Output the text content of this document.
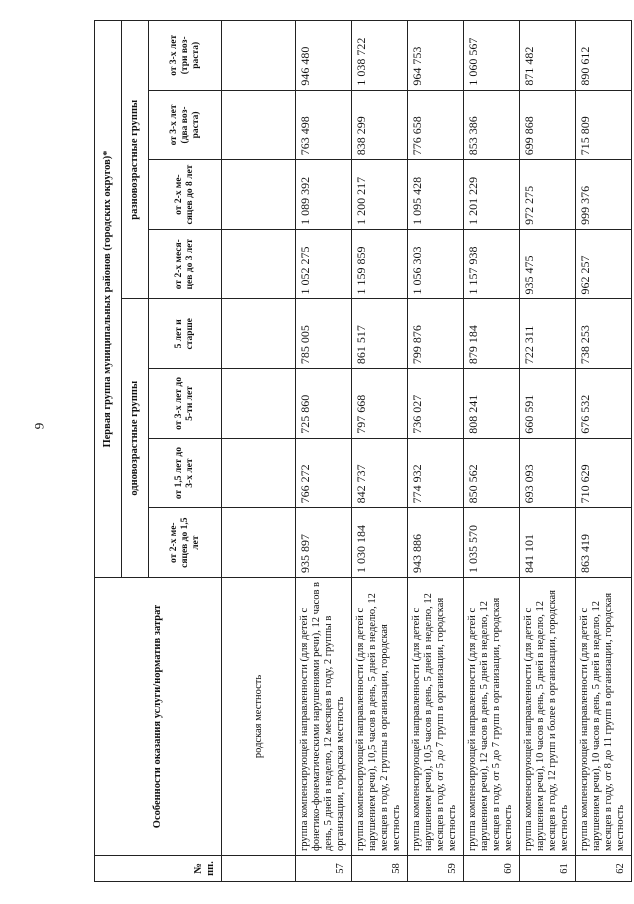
9
№ пп.	Особенности оказания услуги/норматив затрат	Первая группа муниципальных районов (городских округов)*							
		одновозрастные группы				разновозрастные группы			
		от 2-х ме-сяцев до 1,5 лет	от 1,5 лет до 3-х лет	от 3-х лет до 5-ти лет	5 лет и старше	от 2-х меся-цев до 3 лет	от 2-х ме-сяцев до 8 лет	от 3-х лет (два воз-раста)	от 3-х лет (три воз-раста)
	родская местность								
57	группа компенсирующей направленности (для детей с фонетико-фонематическими нарушениями речи), 12 часов в день, 5 дней в неделю, 12 месяцев в году, 2 группы в организации, городская местность	935 897	766 272	725 860	785 005	1 052 275	1 089 392	763 498	946 480
58	группа компенсирующей направленности (для детей с нарушением речи), 10,5 часов в день, 5 дней в неделю, 12 месяцев в году, 2 группы в организации, городская местность	1 030 184	842 737	797 668	861 517	1 159 859	1 200 217	838 299	1 038 722
59	группа компенсирующей направленности (для детей с нарушением речи), 10,5 часов в день, 5 дней в неделю, 12 месяцев в году, от 5 до 7 групп в организации, городская местность	943 886	774 932	736 027	799 876	1 056 303	1 095 428	776 658	964 753
60	группа компенсирующей направленности (для детей с нарушением речи), 12 часов в день, 5 дней в неделю, 12 месяцев в году, от 5 до 7 групп в организации, городская местность	1 035 570	850 562	808 241	879 184	1 157 938	1 201 229	853 386	1 060 567
61	группа компенсирующей направленности (для детей с нарушением речи), 10 часов в день, 5 дней в неделю, 12 месяцев в году, 12 групп и более в организации, городская местность	841 101	693 093	660 591	722 311	935 475	972 275	699 868	871 482
62	группа компенсирующей направленности (для детей с нарушением речи), 10 часов в день, 5 дней в неделю, 12 месяцев в году, от 8 до 11 групп в организации, городская местность	863 419	710 629	676 532	738 253	962 257	999 376	715 809	890 612
